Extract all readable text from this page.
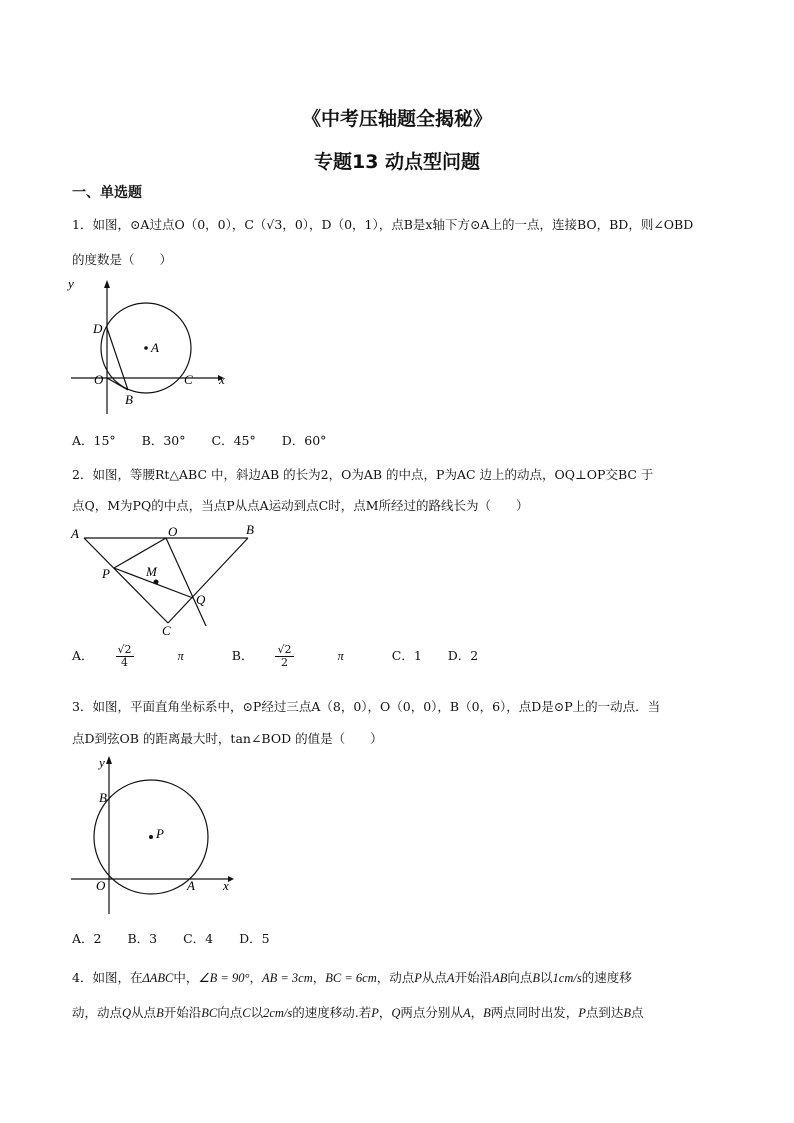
《中考压轴题全揭秘》
专题13 动点型问题
一、单选题
1．如图，⊙A过点O（0，0），C（√3，0），D（0，1），点B是x轴下方⊙A上的一点，连接BO，BD，则∠OBD
的度数是（　　）
y
x
D
A
O	C
B
A．15° B．30° C．45° D．60°
2．如图，等腰Rt△ABC 中，斜边AB 的长为2，O为AB 的中点，P为AC 边上的动点，OQ⊥OP交BC 于
点Q，M为PQ的中点，当点P从点A运动到点C时，点M所经过的路线长为（　　）
A	O	B
P	M
Q
C
A． $\frac{√2}{4}$ π	B． $\frac{√2}{2}$ π	C．1 D．2
3．如图，平面直角坐标系中，⊙P经过三点A（8，0），O（0，0），B（0，6），点D是⊙P上的一动点．当
点D到弦OB 的距离最大时，tan∠BOD 的值是（　　）
y
B
P
O	A x
A．2 B．3 C．4 D．5
4．如图，在ΔABC中，∠B = 90°，AB = 3cm，BC = 6cm，动点P从点A开始沿AB向点B以1cm/s的速度移
动，动点Q从点B开始沿BC向点C以2cm/s的速度移动.若P，Q两点分别从A，B两点同时出发，P点到达B点
